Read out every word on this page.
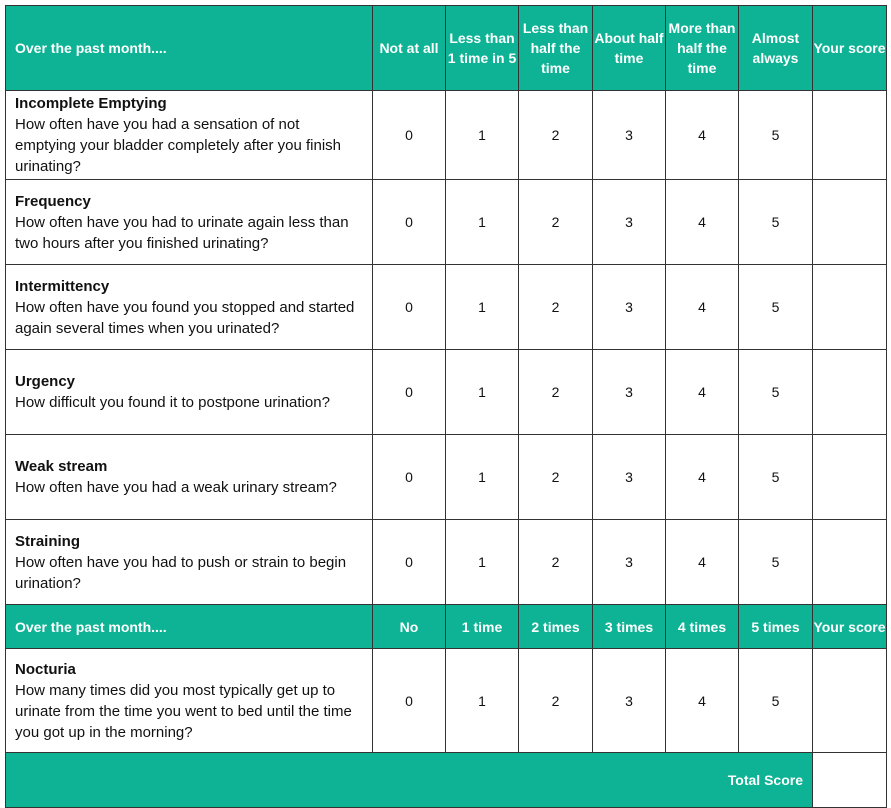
Over the past month....	Not at all	Less than 1 time in 5	Less than half the time	About half time	More than half the time	Almost always	Your score

Incomplete Emptying
How often have you had a sensation of not emptying your bladder completely after you finish urinating?	0	1	2	3	4	5	

Frequency
How often have you had to urinate again less than two hours after you finished urinating?	0	1	2	3	4	5	

Intermittency
How often have you found you stopped and started again several times when you urinated?	0	1	2	3	4	5	

Urgency
How difficult you found it to postpone urination?	0	1	2	3	4	5	

Weak stream
How often have you had a weak urinary stream?	0	1	2	3	4	5	

Straining
How often have you had to push or strain to begin urination?	0	1	2	3	4	5	
Over the past month....	No	1 time	2 times	3 times	4 times	5 times	Your score

Nocturia
How many times did you most typically get up to urinate from the time you went to bed until the time you got up in the morning?	0	1	2	3	4	5	
Total Score							
